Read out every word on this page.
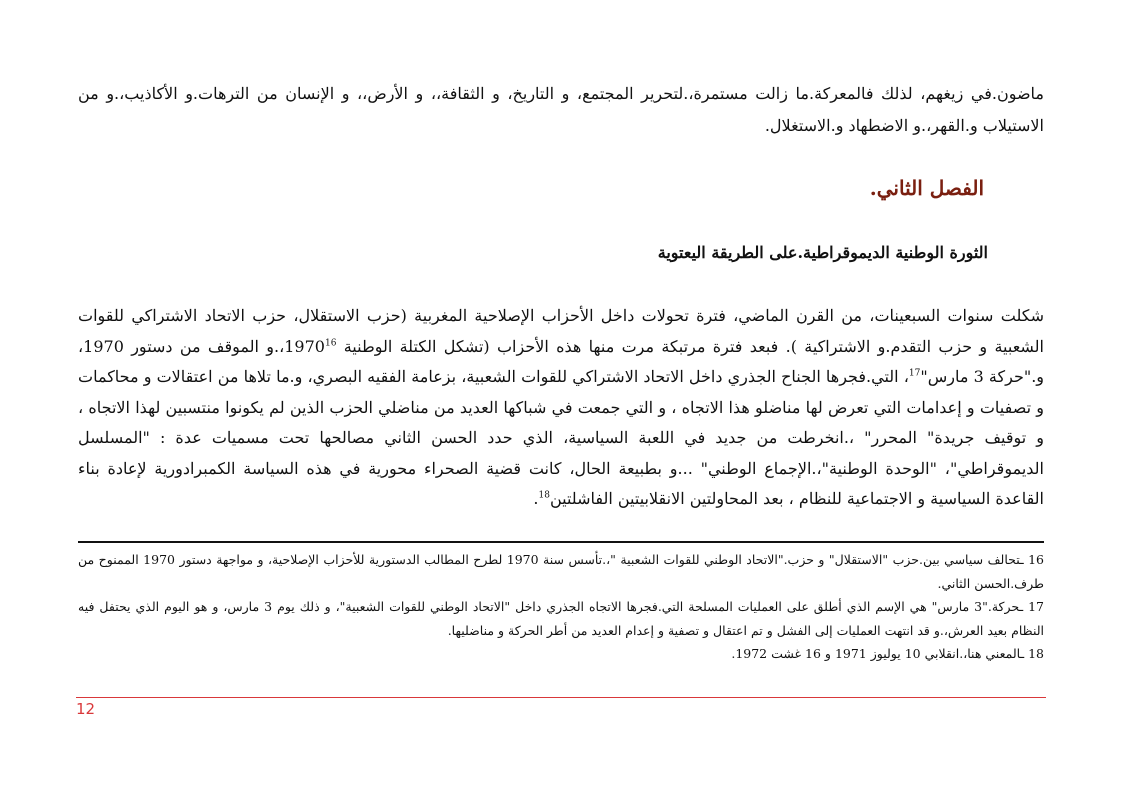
ماضون.في زيغهم، لذلك فالمعركة.ما زالت مستمرة،.لتحرير المجتمع، و التاريخ، و الثقافة،، و الأرض،، و الإنسان من الترهات.و الأكاذيب،.و من الاستيلاب و.القهر،.و الاضطهاد و.الاستغلال.

الفصل الثاني.
الثورة الوطنية الديموقراطية.على الطريقة اليعتوية

شكلت سنوات السبعينات، من القرن الماضي، فترة تحولات داخل الأحزاب الإصلاحية المغربية (حزب الاستقلال، حزب الاتحاد الاشتراكي للقوات الشعبية و حزب التقدم.و الاشتراكية ). فبعد فترة مرتبكة مرت منها هذه الأحزاب (تشكل الكتلة الوطنية 1970$^{16}$،.و الموقف من دستور 1970، و."حركة 3 مارس"$^{17}$، التي.فجرها الجناح الجذري داخل الاتحاد الاشتراكي للقوات الشعبية، بزعامة الفقيه البصري، و.ما تلاها من اعتقالات و محاكمات و تصفيات و إعدامات التي تعرض لها مناضلو هذا الاتجاه ، و التي جمعت في شباكها العديد من مناضلي الحزب الذين لم يكونوا منتسبين لهذا الاتجاه ، و توقيف جريدة" المحرر" ،.انخرطت من جديد في اللعبة السياسية، الذي حدد الحسن الثاني مصالحها تحت مسميات عدة : "المسلسل الديموقراطي"، "الوحدة الوطنية"،.الإجماع الوطني" ...و بطبيعة الحال، كانت قضية الصحراء محورية في هذه السياسة الكمبرادورية لإعادة بناء القاعدة السياسية و الاجتماعية للنظام ، بعد المحاولتين الانقلابيتين الفاشلتين$^{18}$.

16 ـتحالف سياسي بين.حزب "الاستقلال" و حزب."الاتحاد الوطني للقوات الشعبية "،.تأسس سنة 1970 لطرح المطالب الدستورية للأحزاب الإصلاحية، و مواجهة دستور 1970 الممنوح من طرف.الحسن الثاني.

17 ـحركة."3 مارس" هي الإسم الذي أطلق على العمليات المسلحة التي.فجرها الاتجاه الجذري داخل "الاتحاد الوطني للقوات الشعبية"، و ذلك يوم 3 مارس، و هو اليوم الذي يحتفل فيه النظام بعيد العرش،.و قد انتهت العمليات إلى الفشل و تم اعتقال و تصفية و إعدام العديد من أطر الحركة و مناضليها.

18 ـالمعني هنا،.انقلابي 10 يوليوز 1971 و 16 غشت 1972.

12
